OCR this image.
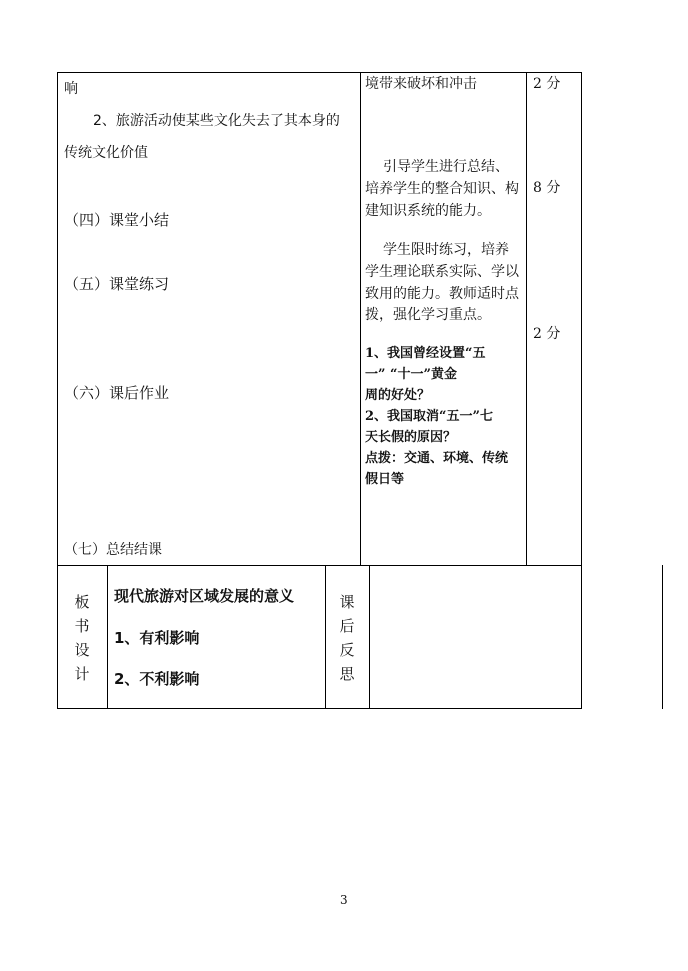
响
2、旅游活动使某些文化失去了其本身的
传统文化价值
（四）课堂小结
（五）课堂练习
（六）课后作业
（七）总结结课
境带来破坏和冲击
引导学生进行总结、
培养学生的整合知识、构
建知识系统的能力。
学生限时练习，培养
学生理论联系实际、学以
致用的能力。教师适时点
拨，强化学习重点。
1、我国曾经设置“五
一” “十一”黄金
周的好处？
2、我国取消“五一”七
天长假的原因？
点拨：交通、环境、传统
假日等
2 分
8 分
2 分
板
书
设
计
现代旅游对区域发展的意义
1、有利影响
2、不利影响
课
后
反
思
3
